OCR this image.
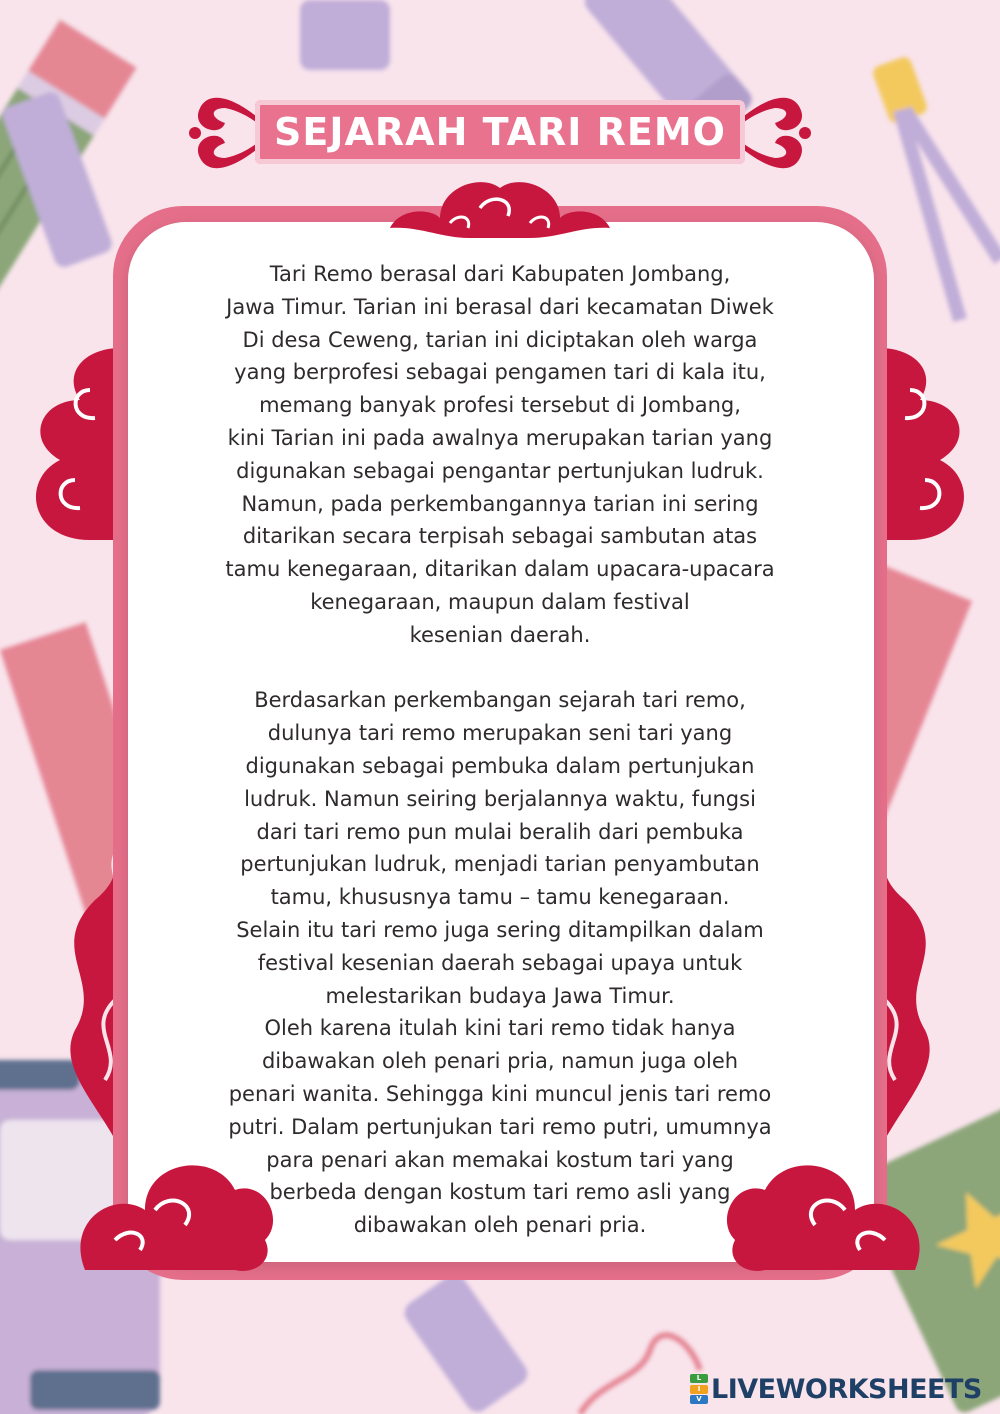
SEJARAH TARI REMO

Tari Remo berasal dari Kabupaten Jombang,

Jawa Timur. Tarian ini berasal dari kecamatan Diwek

Di desa Ceweng, tarian ini diciptakan oleh warga

yang berprofesi sebagai pengamen tari di kala itu,

memang banyak profesi tersebut di Jombang,

kini Tarian ini pada awalnya merupakan tarian yang

digunakan sebagai pengantar pertunjukan ludruk.

Namun, pada perkembangannya tarian ini sering

ditarikan secara terpisah sebagai sambutan atas

tamu kenegaraan, ditarikan dalam upacara-upacara

kenegaraan, maupun dalam festival

kesenian daerah.

Berdasarkan perkembangan sejarah tari remo,

dulunya tari remo merupakan seni tari yang

digunakan sebagai pembuka dalam pertunjukan

ludruk. Namun seiring berjalannya waktu, fungsi

dari tari remo pun mulai beralih dari pembuka

pertunjukan ludruk, menjadi tarian penyambutan

tamu, khususnya tamu – tamu kenegaraan.

Selain itu tari remo juga sering ditampilkan dalam

festival kesenian daerah sebagai upaya untuk

melestarikan budaya Jawa Timur.

Oleh karena itulah kini tari remo tidak hanya

dibawakan oleh penari pria, namun juga oleh

penari wanita. Sehingga kini muncul jenis tari remo

putri. Dalam pertunjukan tari remo putri, umumnya

para penari akan memakai kostum tari yang

berbeda dengan kostum tari remo asli yang

dibawakan oleh penari pria.

L
I
V LIVEWORKSHEETS
